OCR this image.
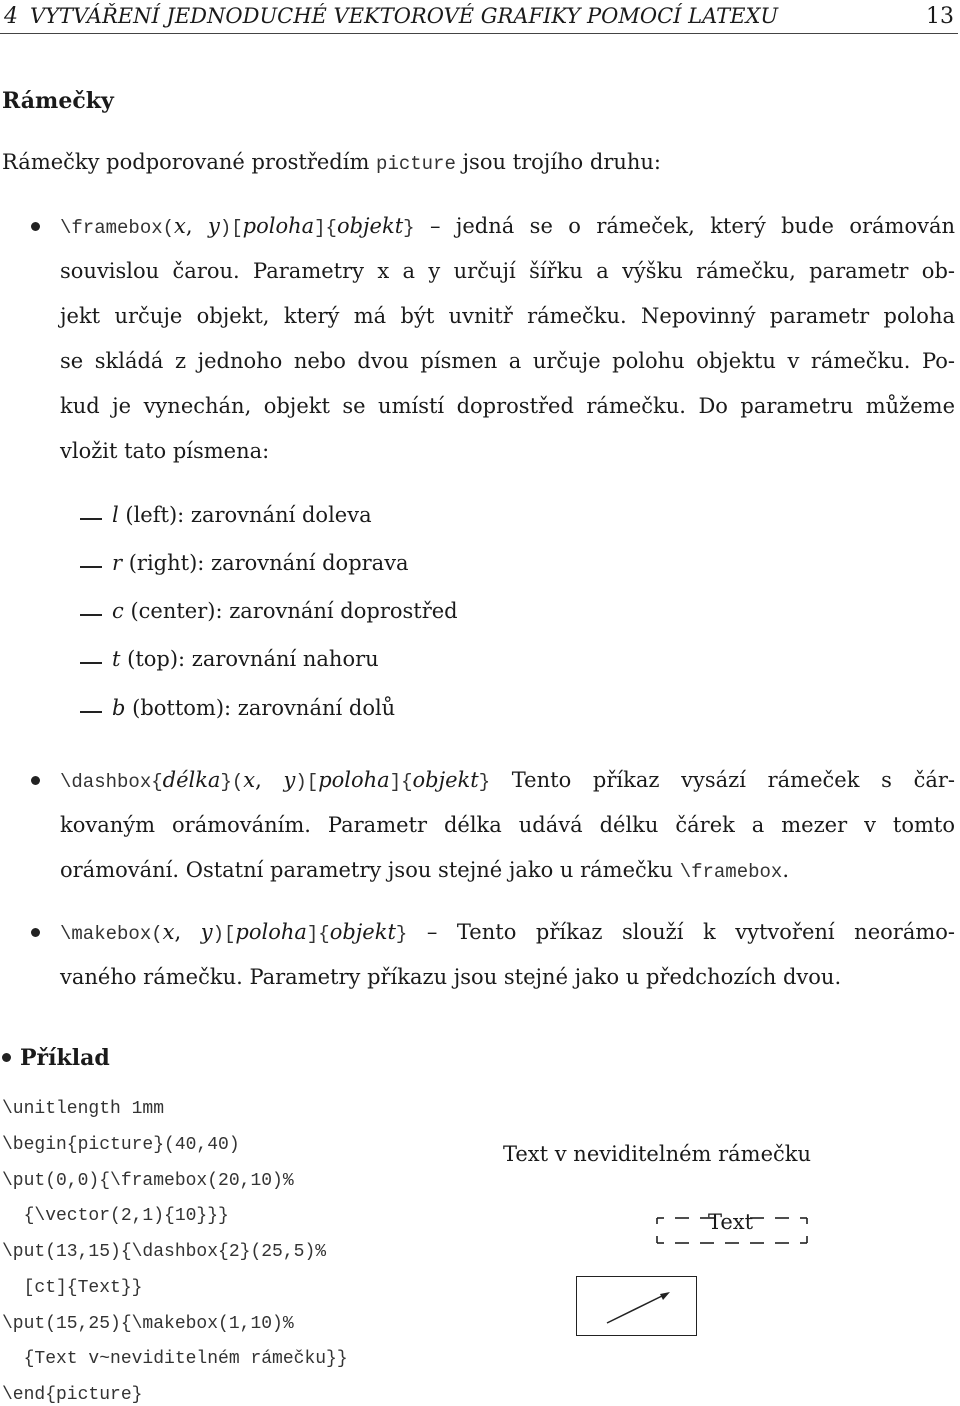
4 VYTVÁŘENÍ JEDNODUCHÉ VEKTOROVÉ GRAFIKY POMOCÍ LATEXU	13
Rámečky
Rámečky podporované prostředím picture jsou trojího druhu:
\framebox(x, y)[poloha]{objekt} – jedná se o rámeček, který bude orámován
souvislou čarou. Parametry x a y určují šířku a výšku rámečku, parametr ob-
jekt určuje objekt, který má být uvnitř rámečku. Nepovinný parametr poloha
se skládá z jednoho nebo dvou písmen a určuje polohu objektu v rámečku. Po-
kud je vynechán, objekt se umístí doprostřed rámečku. Do parametru můžeme
vložit tato písmena:
l (left): zarovnání doleva
r (right): zarovnání doprava
c (center): zarovnání doprostřed
t (top): zarovnání nahoru
b (bottom): zarovnání dolů
\dashbox{délka}(x, y)[poloha]{objekt} Tento příkaz vysází rámeček s čár-
kovaným orámováním. Parametr délka udává délku čárek a mezer v tomto
orámování. Ostatní parametry jsou stejné jako u rámečku \framebox.
\makebox(x, y)[poloha]{objekt} – Tento příkaz slouží k vytvoření neorámo-
vaného rámečku. Parametry příkazu jsou stejné jako u předchozích dvou.
Příklad
\unitlength 1mm
\begin{picture}(40,40)
\put(0,0){\framebox(20,10)%
{\vector(2,1){10}}}
\put(13,15){\dashbox{2}(25,5)%
[ct]{Text}}
\put(15,25){\makebox(1,10)%
{Text v~neviditelném rámečku}}
\end{picture}
Text v neviditelném rámečku
Text
